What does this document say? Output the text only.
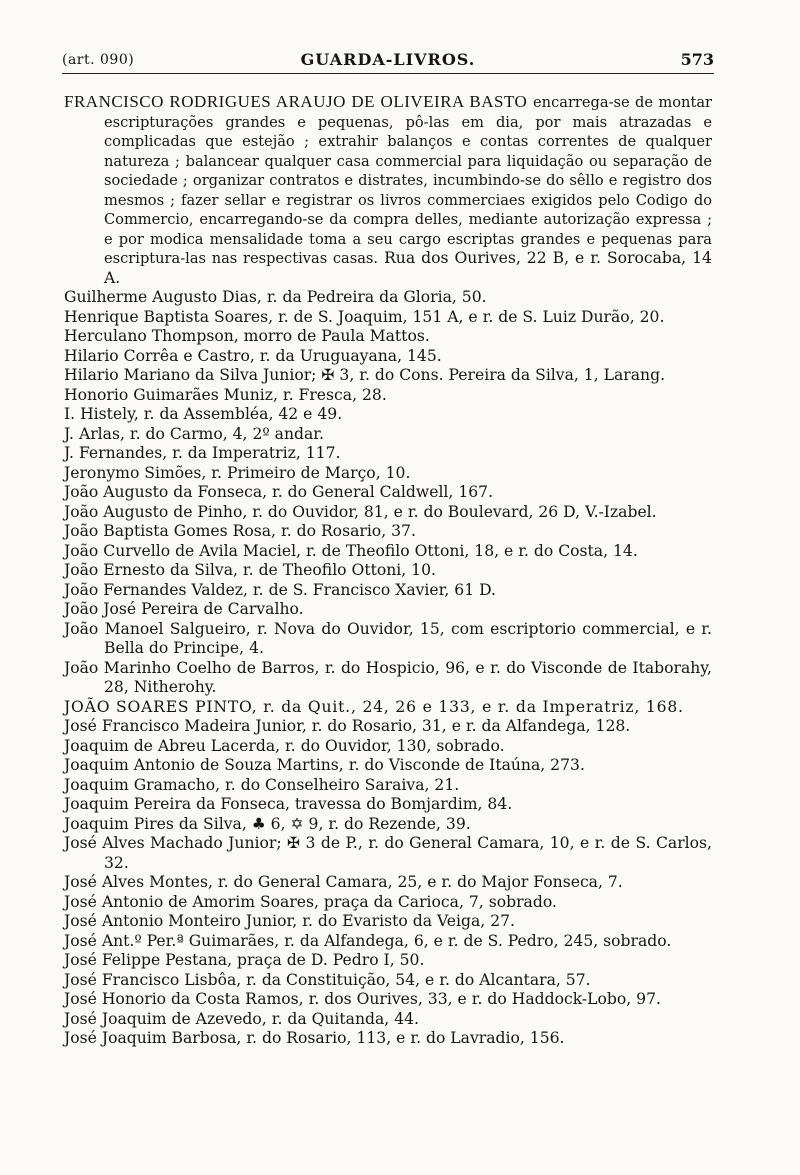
(art. 090)	GUARDA-LIVROS.	573
FRANCISCO RODRIGUES ARAUJO DE OLIVEIRA BASTO encarrega-se de montar escripturações grandes e pequenas, pô-las em dia, por mais atrazadas e complicadas que estejão ; extrahir balanços e contas correntes de qualquer natureza ; balancear qualquer casa commercial para liquidação ou separação de sociedade ; organizar contratos e distrates, incumbindo-se do sêllo e registro dos mesmos ; fazer sellar e registrar os livros commerciaes exigidos pelo Codigo do Commercio, encarregando-se da compra delles, mediante autorização expressa ; e por modica mensalidade toma a seu cargo escriptas grandes e pequenas para escriptura-las nas respectivas casas. Rua dos Ourives, 22 B, e r. Sorocaba, 14 A.
Guilherme Augusto Dias, r. da Pedreira da Gloria, 50.
Henrique Baptista Soares, r. de S. Joaquim, 151 A, e r. de S. Luiz Durão, 20.
Herculano Thompson, morro de Paula Mattos.
Hilario Corrêa e Castro, r. da Uruguayana, 145.
Hilario Mariano da Silva Junior; ✠ 3, r. do Cons. Pereira da Silva, 1, Larang.
Honorio Guimarães Muniz, r. Fresca, 28.
I. Histely, r. da Assembléa, 42 e 49.
J. Arlas, r. do Carmo, 4, 2º andar.
J. Fernandes, r. da Imperatriz, 117.
Jeronymo Simões, r. Primeiro de Março, 10.
João Augusto da Fonseca, r. do General Caldwell, 167.
João Augusto de Pinho, r. do Ouvidor, 81, e r. do Boulevard, 26 D, V.-Izabel.
João Baptista Gomes Rosa, r. do Rosario, 37.
João Curvello de Avila Maciel, r. de Theofilo Ottoni, 18, e r. do Costa, 14.
João Ernesto da Silva, r. de Theofilo Ottoni, 10.
João Fernandes Valdez, r. de S. Francisco Xavier, 61 D.
João José Pereira de Carvalho.
João Manoel Salgueiro, r. Nova do Ouvidor, 15, com escriptorio commercial, e r. Bella do Principe, 4.
João Marinho Coelho de Barros, r. do Hospicio, 96, e r. do Visconde de Itaborahy, 28, Nitherohy.
JOÃO SOARES PINTO, r. da Quit., 24, 26 e 133, e r. da Imperatriz, 168.
José Francisco Madeira Junior, r. do Rosario, 31, e r. da Alfandega, 128.
Joaquim de Abreu Lacerda, r. do Ouvidor, 130, sobrado.
Joaquim Antonio de Souza Martins, r. do Visconde de Itaúna, 273.
Joaquim Gramacho, r. do Conselheiro Saraiva, 21.
Joaquim Pereira da Fonseca, travessa do Bomjardim, 84.
Joaquim Pires da Silva, ♣ 6, ✡ 9, r. do Rezende, 39.
José Alves Machado Junior; ✠ 3 de P., r. do General Camara, 10, e r. de S. Carlos, 32.
José Alves Montes, r. do General Camara, 25, e r. do Major Fonseca, 7.
José Antonio de Amorim Soares, praça da Carioca, 7, sobrado.
José Antonio Monteiro Junior, r. do Evaristo da Veiga, 27.
José Ant.º Per.ª Guimarães, r. da Alfandega, 6, e r. de S. Pedro, 245, sobrado.
José Felippe Pestana, praça de D. Pedro I, 50.
José Francisco Lisbôa, r. da Constituição, 54, e r. do Alcantara, 57.
José Honorio da Costa Ramos, r. dos Ourives, 33, e r. do Haddock-Lobo, 97.
José Joaquim de Azevedo, r. da Quitanda, 44.
José Joaquim Barbosa, r. do Rosario, 113, e r. do Lavradio, 156.
